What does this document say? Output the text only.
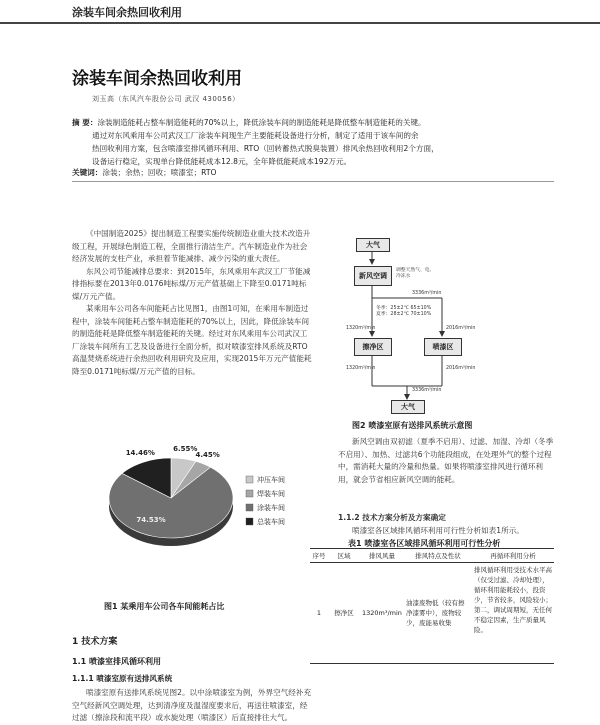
涂装车间余热回收利用
涂装车间余热回收利用
刘玉高（东风汽车股份公司 武汉 430056）
摘 要：涂装制造能耗占整车制造能耗的70%以上，降低涂装车间的制造能耗是降低整车制造能耗的关键。
通过对东风乘用车公司武汉工厂涂装车间现生产主要能耗设备进行分析，制定了适用于该车间的余
热回收利用方案，包含喷漆室排风循环利用、RTO（回转蓄热式脱臭装置）排风余热回收利用2个方面，
设备运行稳定，实现单台降低能耗成本12.8元，全年降低能耗成本192万元。
关键词：涂装；余热；回收；喷漆室；RTO

《中国制造2025》提出制造工程要实施传统制造业重大技术改造升级工程，开展绿色制造工程，全面推行清洁生产。汽车制造业作为社会经济发展的支柱产业，承担着节能减排、减少污染的重大责任。

东风公司节能减排总要求：到2015年，东风乘用车武汉工厂节能减排指标要在2013年0.0176吨标煤/万元产值基础上下降至0.0171吨标煤/万元产值。

某乘用车公司各车间能耗占比见图1，由图1可知，在乘用车制造过程中，涂装车间能耗占整车制造能耗的70%以上，因此，降低涂装车间的制造能耗是降低整车制造能耗的关键。经过对东风乘用车公司武汉工厂涂装车间所有工艺及设备进行全面分析，拟对喷漆室排风系统及RTO高温焚烧系统进行余热回收利用研究及应用，实现2015年万元产值能耗降至0.0171吨标煤/万元产值的目标。

6.55%
4.45%
74.53%
14.46%
冲压车间
焊装车间
涂装车间
总装车间
图1 某乘用车公司各车间能耗占比
1 技术方案
1.1 喷漆室排风循环利用
1.1.1 喷漆室原有送排风系统

喷漆室原有送排风系统见图2。以中涂喷漆室为例，外界空气经补充空气经新风空调处理，达到清净度及温湿度要求后，再送往喷漆室，经过滤（擦涂段和流平段）或水旋处理（喷漆区）后直接排往大气。

大气
新风空调
调整天然气、电、冷冻水
3336m³/min
冬季：25±2℃ 65±10%
夏季：28±2℃ 70±10%
1320m³/min	2016m³/min
擦净区	喷漆区
1320m³/min	2016m³/min
3336m³/min
大气
图2 喷漆室原有送排风系统示意图

新风空调由双初滤（夏季不启用）、过滤、加湿、冷却（冬季不启用）、加热、过滤共6个功能段组成，在处理外气的整个过程中，需消耗大量的冷量和热量。如果将喷漆室排风进行循环利用，就会节省相应新风空调的能耗。

1.1.2 技术方案分析及方案确定

喷漆室各区域排风循环利用可行性分析如表1所示。

表1 喷漆室各区域排风循环利用可行性分析
序号	区域	排风风量	排风特点及性状	再循环利用分析
1	擦净区	1320m³/min	油漆废物低（较有擦净漆雾中），废物较少，废能易收集	排风循环利用受技术水平高（仅受过滤、冷却处理），循环利用能耗较小，投资少，节省较多，风险较小；第二，调试周期短，无任何不稳定因素，生产质量风险。
